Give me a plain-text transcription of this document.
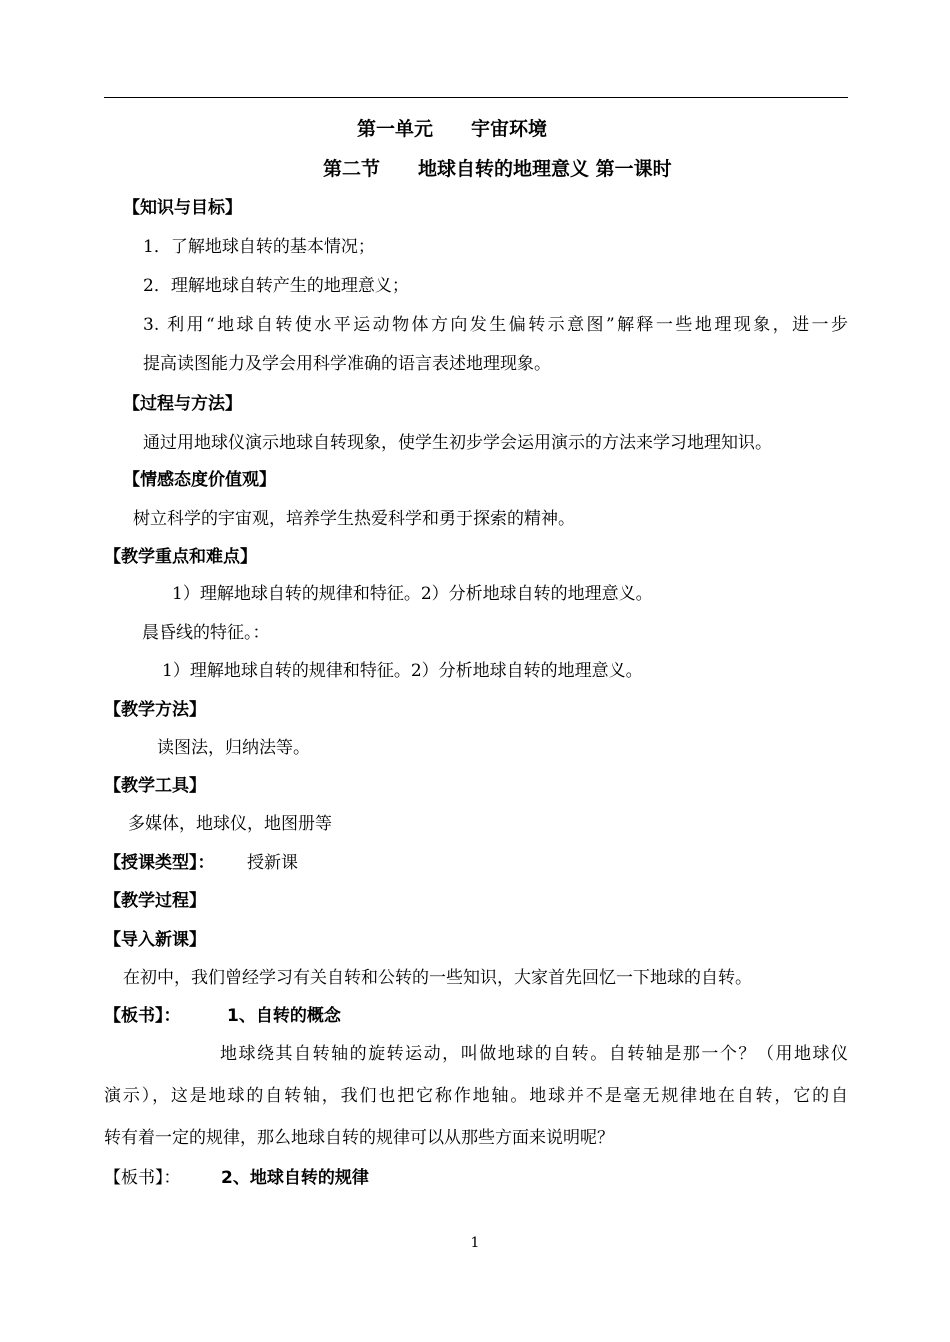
第一单元　　宇宙环境
第二节　　地球自转的地理意义 第一课时
【知识与目标】
1．了解地球自转的基本情况；
2．理解地球自转产生的地理意义；
3. 利用“地球自转使水平运动物体方向发生偏转示意图”解释一些地理现象，进一步
提高读图能力及学会用科学准确的语言表述地理现象。
【过程与方法】
通过用地球仪演示地球自转现象，使学生初步学会运用演示的方法来学习地理知识。
【情感态度价值观】
树立科学的宇宙观，培养学生热爱科学和勇于探索的精神。
【教学重点和难点】
1）理解地球自转的规律和特征。2）分析地球自转的地理意义。
晨昏线的特征。：
1）理解地球自转的规律和特征。2）分析地球自转的地理意义。
【教学方法】
读图法，归纳法等。
【教学工具】
多媒体，地球仪，地图册等
【授课类型】： 授新课
【教学过程】
【导入新课】
在初中，我们曾经学习有关自转和公转的一些知识，大家首先回忆一下地球的自转。
【板书】：	1、自转的概念
地球绕其自转轴的旋转运动，叫做地球的自转。自转轴是那一个？（用地球仪
演示），这是地球的自转轴，我们也把它称作地轴。地球并不是毫无规律地在自转，它的自
转有着一定的规律，那么地球自转的规律可以从那些方面来说明呢？
【板书】： 2、地球自转的规律
1
